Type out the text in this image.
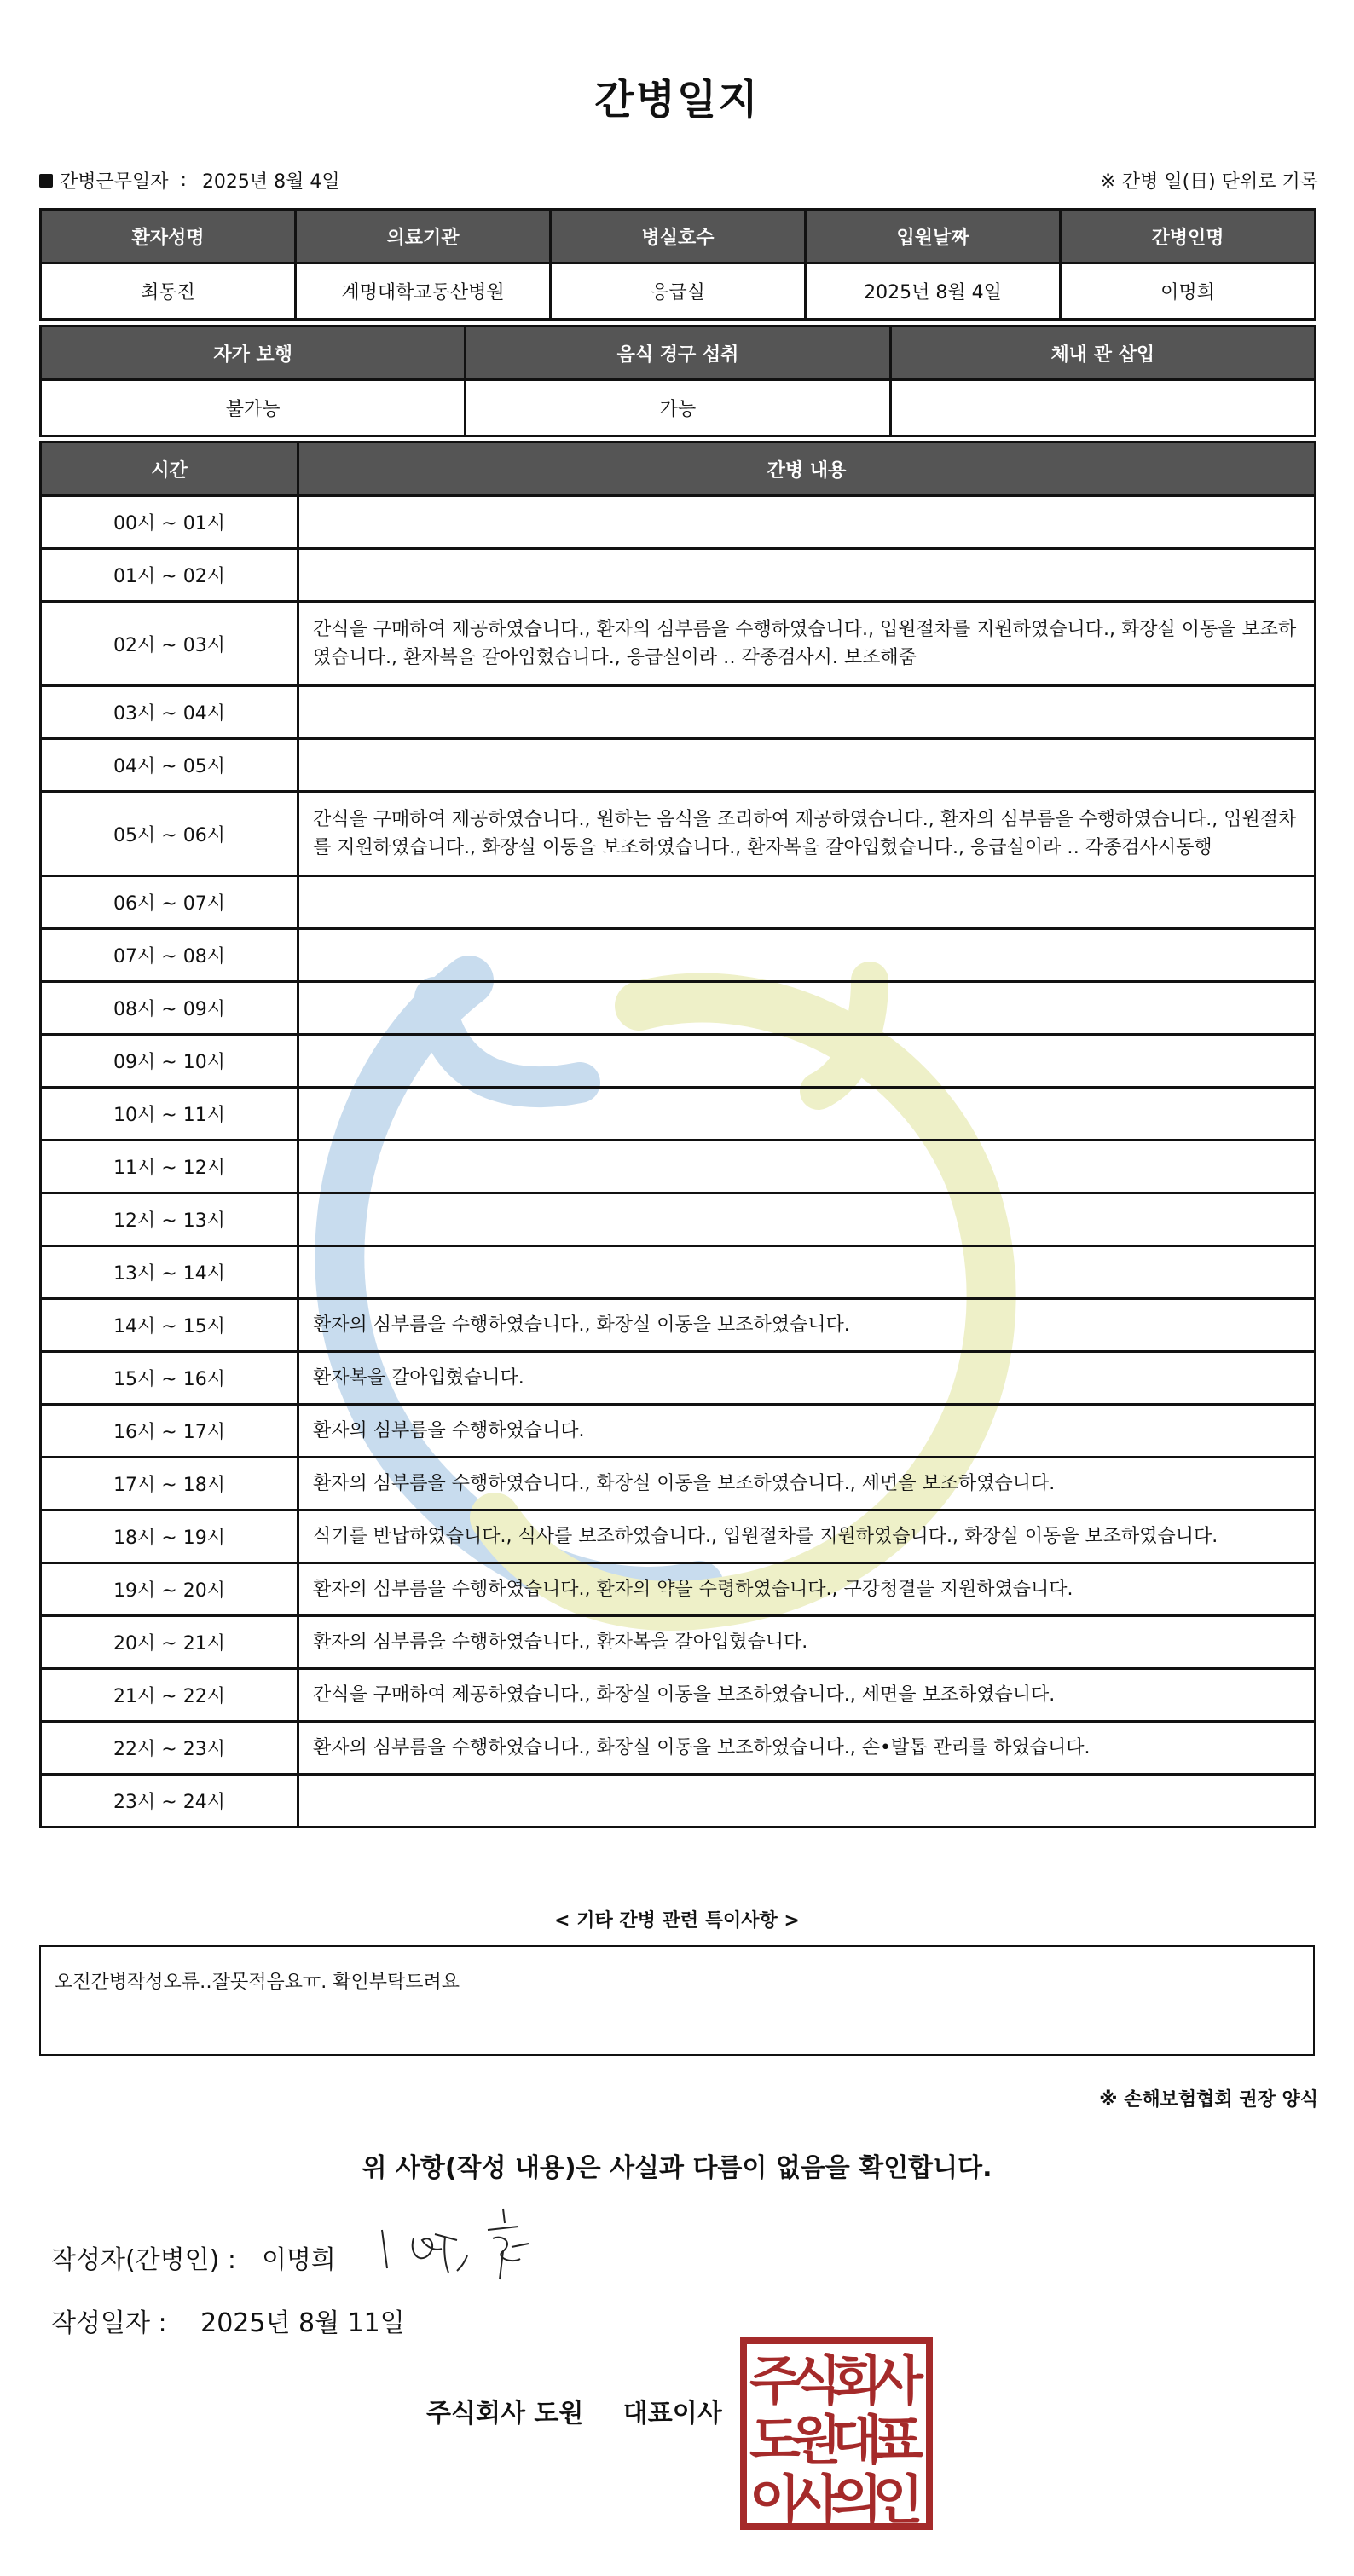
간병일지
간병근무일자 : 2025년 8월 4일	※ 간병 일(日) 단위로 기록
환자성명	의료기관	병실호수	입원날짜	간병인명
최동진	계명대학교동산병원	응급실	2025년 8월 4일	이명희
자가 보행	음식 경구 섭취	체내 관 삽입
불가능	가능	
시간	간병 내용
00시 ~ 01시	
01시 ~ 02시	
02시 ~ 03시	간식을 구매하여 제공하였습니다., 환자의 심부름을 수행하였습니다., 입원절차를 지원하였습니다., 화장실 이동을 보조하였습니다., 환자복을 갈아입혔습니다., 응급실이라 ‥ 각종검사시. 보조해줌
03시 ~ 04시	
04시 ~ 05시	
05시 ~ 06시	간식을 구매하여 제공하였습니다., 원하는 음식을 조리하여 제공하였습니다., 환자의 심부름을 수행하였습니다., 입원절차를 지원하였습니다., 화장실 이동을 보조하였습니다., 환자복을 갈아입혔습니다., 응급실이라 ‥ 각종검사시동행
06시 ~ 07시	
07시 ~ 08시	
08시 ~ 09시	
09시 ~ 10시	
10시 ~ 11시	
11시 ~ 12시	
12시 ~ 13시	
13시 ~ 14시	
14시 ~ 15시	환자의 심부름을 수행하였습니다., 화장실 이동을 보조하였습니다.
15시 ~ 16시	환자복을 갈아입혔습니다.
16시 ~ 17시	환자의 심부름을 수행하였습니다.
17시 ~ 18시	환자의 심부름을 수행하였습니다., 화장실 이동을 보조하였습니다., 세면을 보조하였습니다.
18시 ~ 19시	식기를 반납하였습니다., 식사를 보조하였습니다., 입원절차를 지원하였습니다., 화장실 이동을 보조하였습니다.
19시 ~ 20시	환자의 심부름을 수행하였습니다., 환자의 약을 수령하였습니다., 구강청결을 지원하였습니다.
20시 ~ 21시	환자의 심부름을 수행하였습니다., 환자복을 갈아입혔습니다.
21시 ~ 22시	간식을 구매하여 제공하였습니다., 화장실 이동을 보조하였습니다., 세면을 보조하였습니다.
22시 ~ 23시	환자의 심부름을 수행하였습니다., 화장실 이동을 보조하였습니다., 손•발톱 관리를 하였습니다.
23시 ~ 24시	
< 기타 간병 관련 특이사항 >
오전간병작성오류‥잘못적음요ㅠ. 확인부탁드려요
※ 손해보험협회 권장 양식
위 사항(작성 내용)은 사실과 다름이 없음을 확인합니다.
작성자(간병인) : 이명희
작성일자 : 2025년 8월 11일
주식회사 도원 대표이사
주
식
회
사
도
원
대
표
이
사
의
인
